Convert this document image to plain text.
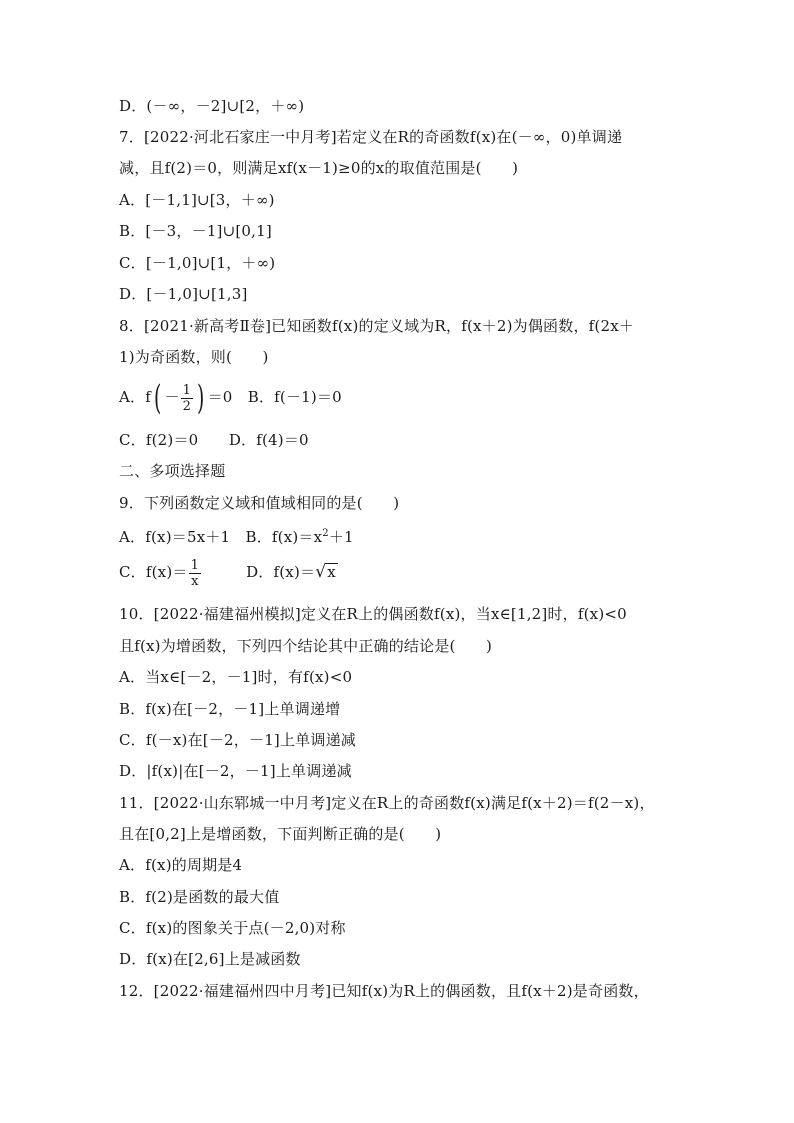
D．(－∞，－2]∪[2，＋∞)
7．[2022·河北石家庄一中月考]若定义在R的奇函数f(x)在(－∞，0)单调递
减，且f(2)＝0，则满足xf(x－1)≥0的x的取值范围是(　　)
A．[－1,1]∪[3，＋∞)
B．[－3，－1]∪[0,1]
C．[－1,0]∪[1，＋∞)
D．[－1,0]∪[1,3]
8．[2021·新高考Ⅱ卷]已知函数f(x)的定义域为R，f(x＋2)为偶函数，f(2x＋
1)为奇函数，则(　　)
A．$f( - \frac{1}{2}$ ) ＝0　B．f(－1)＝0
C．f(2)＝0　　D．f(4)＝0
二、多项选择题
9．下列函数定义域和值域相同的是(　　)
A．f(x)＝5x＋1　B．$f(x)=x^2+1$
C．$f(x)= \frac{1}{x}$	D．f(x)＝√x
10．[2022·福建福州模拟]定义在R上的偶函数f(x)，当x∈[1,2]时，f(x)<0
且f(x)为增函数，下列四个结论其中正确的结论是(　　)
A．当x∈[－2，－1]时，有f(x)<0
B．f(x)在[－2，－1]上单调递增
C．f(－x)在[－2，－1]上单调递减
D．|f(x)|在[－2，－1]上单调递减
11．[2022·山东郓城一中月考]定义在R上的奇函数f(x)满足f(x＋2)＝f(2－x)，
且在[0,2]上是增函数，下面判断正确的是(　　)
A．f(x)的周期是4
B．f(2)是函数的最大值
C．f(x)的图象关于点(－2,0)对称
D．f(x)在[2,6]上是减函数
12．[2022·福建福州四中月考]已知f(x)为R上的偶函数，且f(x＋2)是奇函数，
